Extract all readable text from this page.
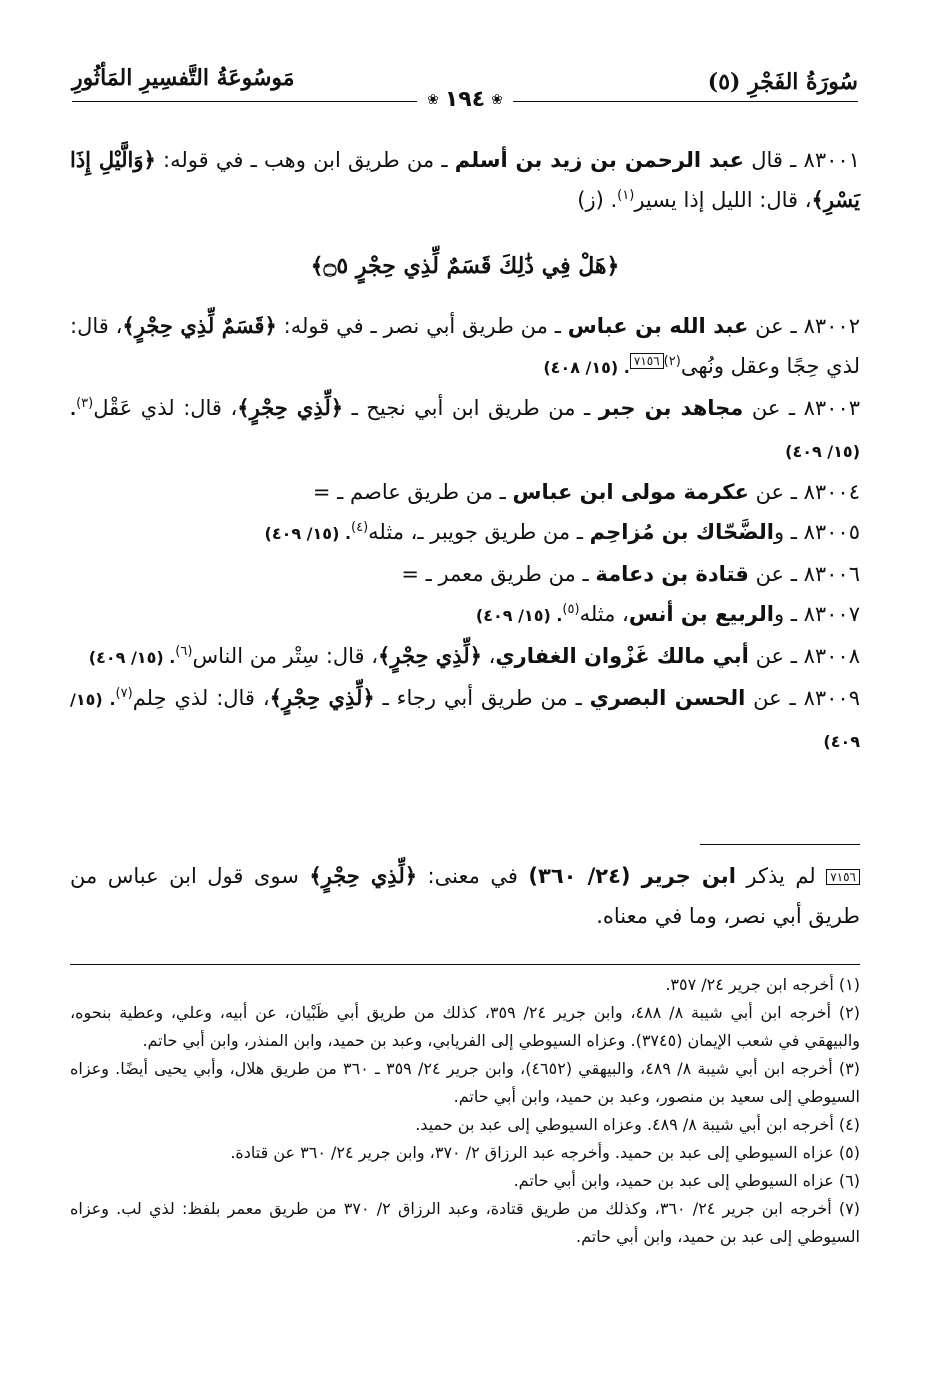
سُورَةُ الفَجْرِ (٥)
مَوسُوعَةُ التَّفسِيرِ المَأثُورِ
❀
١٩٤
❀

٨٣٠٠١ ـ قال عبد الرحمن بن زيد بن أسلم ـ من طريق ابن وهب ـ في قوله: ﴿وَالَّيْلِ إِذَا يَسْرِ﴾، قال: الليل إذا يسير$^{(١)}$. (ز)

﴿هَلْ فِي ذَٰلِكَ قَسَمٌ لِّذِي حِجْرٍ ۝٥﴾

٨٣٠٠٢ ـ عن عبد الله بن عباس ـ من طريق أبي نصر ـ في قوله: ﴿قَسَمٌ لِّذِي حِجْرٍ﴾، قال: لذي حِجًا وعقل ونُهى$^{(٢)}$٧١٥٦. (١٥/ ٤٠٨)

٨٣٠٠٣ ـ عن مجاهد بن جبر ـ من طريق ابن أبي نجيح ـ ﴿لِّذِي حِجْرٍ﴾، قال: لذي عَقْل$^{(٣)}$. (١٥/ ٤٠٩)

٨٣٠٠٤ ـ عن عكرمة مولى ابن عباس ـ من طريق عاصم ـ =

٨٣٠٠٥ ـ والضَّحّاك بن مُزاحِم ـ من طريق جويبر ـ، مثله$^{(٤)}$. (١٥/ ٤٠٩)

٨٣٠٠٦ ـ عن قتادة بن دعامة ـ من طريق معمر ـ =

٨٣٠٠٧ ـ والربيع بن أنس، مثله$^{(٥)}$. (١٥/ ٤٠٩)

٨٣٠٠٨ ـ عن أبي مالك غَزْوان الغفاري، ﴿لِّذِي حِجْرٍ﴾، قال: سِتْر من الناس$^{(٦)}$. (١٥/ ٤٠٩)

٨٣٠٠٩ ـ عن الحسن البصري ـ من طريق أبي رجاء ـ ﴿لِّذِي حِجْرٍ﴾، قال: لذي حِلم$^{(٧)}$. (١٥/ ٤٠٩)

٧١٥٦ لم يذكر ابن جرير (٢٤/ ٣٦٠) في معنى: ﴿لِّذِي حِجْرٍ﴾ سوى قول ابن عباس من طريق أبي نصر، وما في معناه.

(١) أخرجه ابن جرير ٢٤/ ٣٥٧.

(٢) أخرجه ابن أبي شيبة ٨/ ٤٨٨، وابن جرير ٢٤/ ٣٥٩، كذلك من طريق أبي ظَبْيان، عن أبيه، وعلي، وعطية بنحوه، والبيهقي في شعب الإيمان (٣٧٤٥). وعزاه السيوطي إلى الفريابي، وعبد بن حميد، وابن المنذر، وابن أبي حاتم.

(٣) أخرجه ابن أبي شيبة ٨/ ٤٨٩، والبيهقي (٤٦٥٢)، وابن جرير ٢٤/ ٣٥٩ ـ ٣٦٠ من طريق هلال، وأبي يحيى أيضًا. وعزاه السيوطي إلى سعيد بن منصور، وعبد بن حميد، وابن أبي حاتم.

(٤) أخرجه ابن أبي شيبة ٨/ ٤٨٩. وعزاه السيوطي إلى عبد بن حميد.

(٥) عزاه السيوطي إلى عبد بن حميد. وأخرجه عبد الرزاق ٢/ ٣٧٠، وابن جرير ٢٤/ ٣٦٠ عن قتادة.

(٦) عزاه السيوطي إلى عبد بن حميد، وابن أبي حاتم.

(٧) أخرجه ابن جرير ٢٤/ ٣٦٠، وكذلك من طريق قتادة، وعبد الرزاق ٢/ ٣٧٠ من طريق معمر بلفظ: لذي لب. وعزاه السيوطي إلى عبد بن حميد، وابن أبي حاتم.
